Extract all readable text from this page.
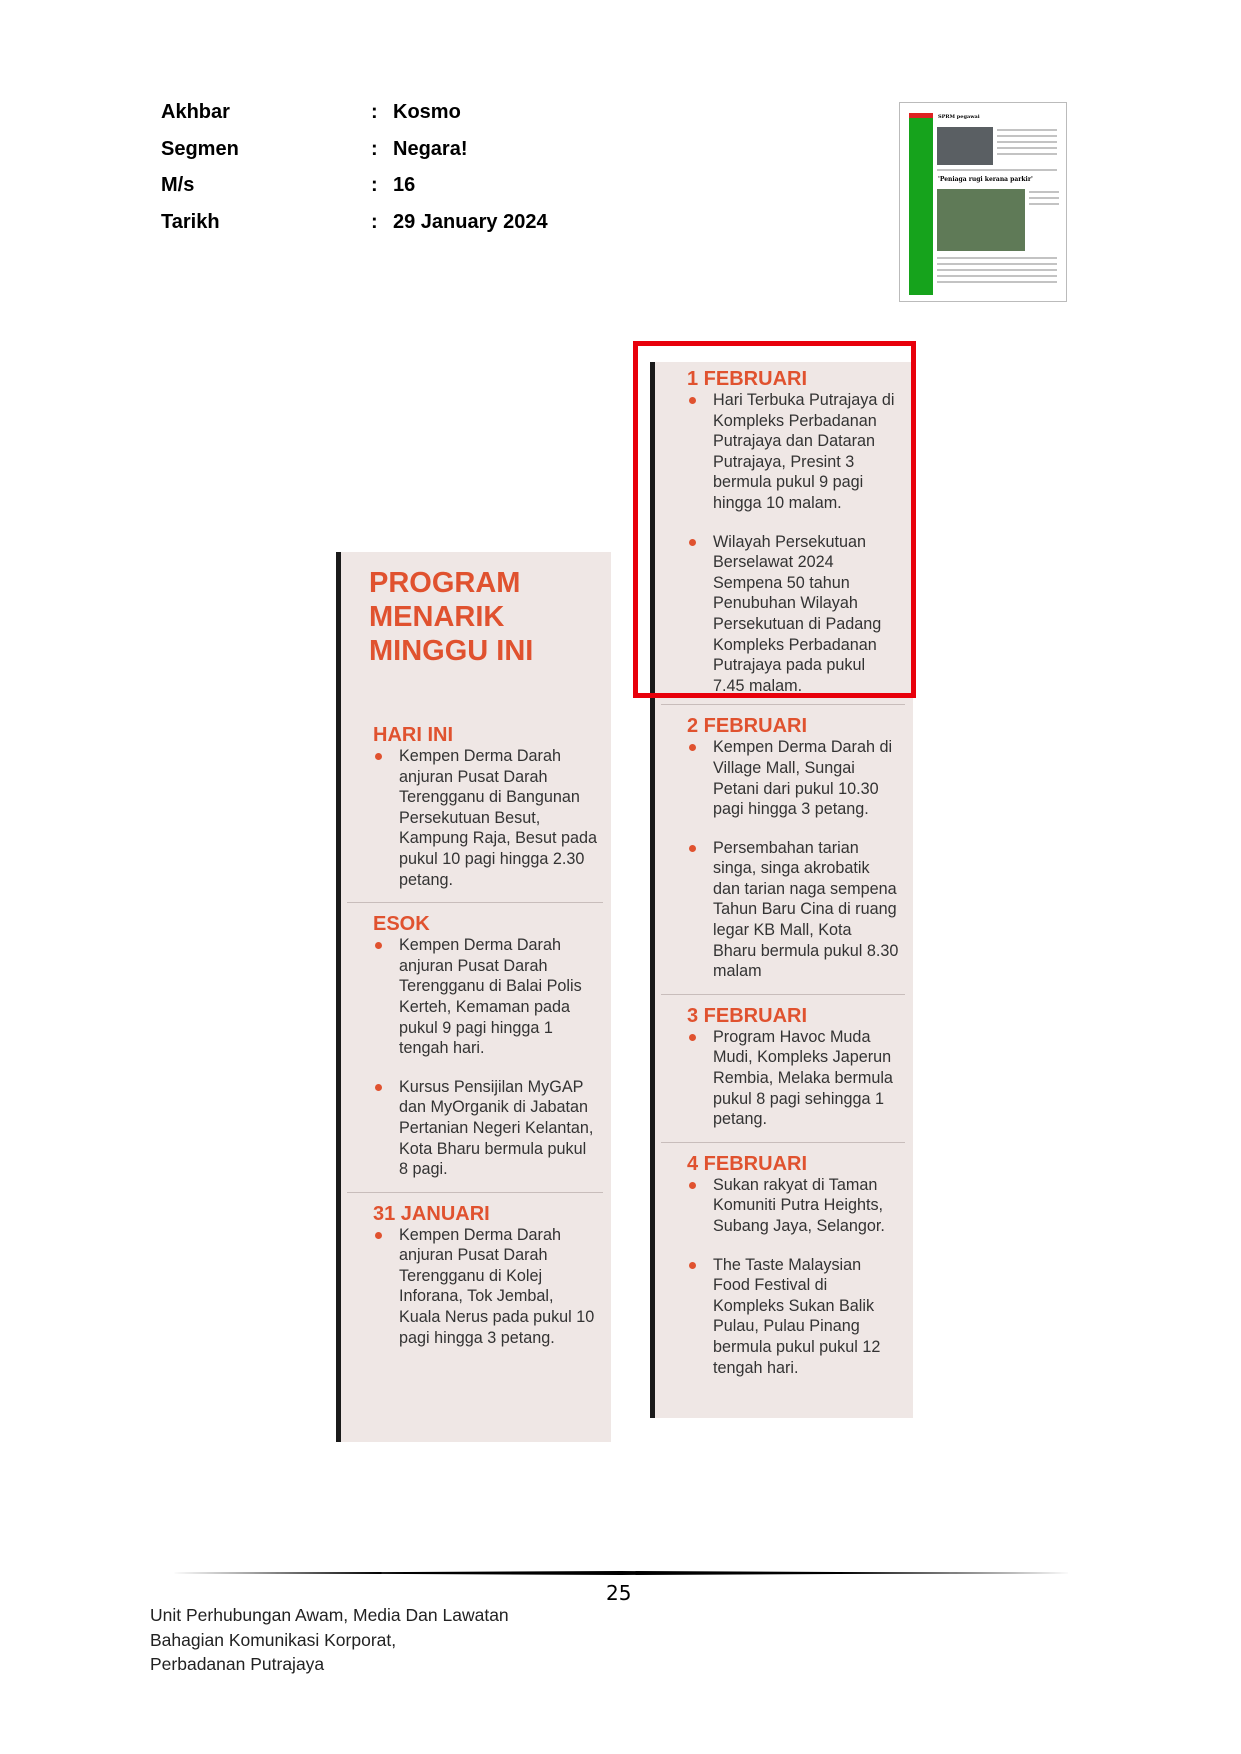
Akhbar	: Kosmo
Segmen	: Negara!
M/s	: 16
Tarikh	: 29 January 2024
SPRM pegawai
'Peniaga rugi kerana parkir'
PROGRAM
MENARIK
MINGGU INI
HARI INI
Kempen Derma Darah anjuran Pusat Darah Terengganu di Bangunan Persekutuan Besut, Kampung Raja, Besut pada pukul 10 pagi hingga 2.30 petang.
ESOK
Kempen Derma Darah anjuran Pusat Darah Terengganu di Balai Polis Kerteh, Kemaman pada pukul 9 pagi hingga 1 tengah hari.
Kursus Pensijilan MyGAP dan MyOrganik di Jabatan Pertanian Negeri Kelantan, Kota Bharu bermula pukul 8 pagi.
31 JANUARI
Kempen Derma Darah anjuran Pusat Darah Terengganu di Kolej Inforana, Tok Jembal, Kuala Nerus pada pukul 10 pagi hingga 3 petang.
1 FEBRUARI
Hari Terbuka Putrajaya di Kompleks Perbadanan Putrajaya dan Dataran Putrajaya, Presint 3 bermula pukul 9 pagi hingga 10 malam.
Wilayah Persekutuan Berselawat 2024 Sempena 50 tahun Penubuhan Wilayah Persekutuan di Padang Kompleks Perbadanan Putrajaya pada pukul 7.45 malam.
2 FEBRUARI
Kempen Derma Darah di Village Mall, Sungai Petani dari pukul 10.30 pagi hingga 3 petang.
Persembahan tarian singa, singa akrobatik dan tarian naga sempena Tahun Baru Cina di ruang legar KB Mall, Kota Bharu bermula pukul 8.30 malam
3 FEBRUARI
Program Havoc Muda Mudi, Kompleks Japerun Rembia, Melaka bermula pukul 8 pagi sehingga 1 petang.
4 FEBRUARI
Sukan rakyat di Taman Komuniti Putra Heights, Subang Jaya, Selangor.
The Taste Malaysian Food Festival di Kompleks Sukan Balik Pulau, Pulau Pinang bermula pukul pukul 12 tengah hari.
25
Unit Perhubungan Awam, Media Dan Lawatan
Bahagian Komunikasi Korporat,
Perbadanan Putrajaya
